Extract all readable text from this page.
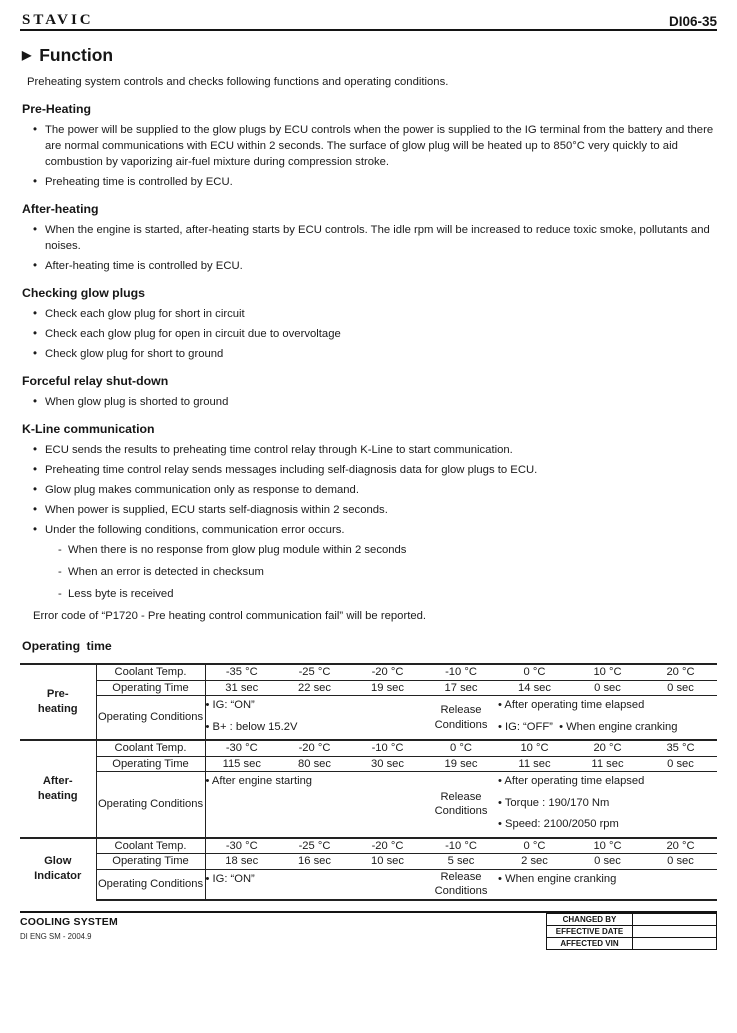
STAVIC	DI06-35
▶ Function

Preheating system controls and checks following functions and operating conditions.

Pre-Heating
• The power will be supplied to the glow plugs by ECU controls when the power is supplied to the IG terminal from the battery and there are normal communications with ECU within 2 seconds. The surface of glow plug will be heated up to 850°C very quickly to aid combustion by vaporizing air-fuel mixture during compression stroke.
• Preheating time is controlled by ECU.
After-heating
• When the engine is started, after-heating starts by ECU controls. The idle rpm will be increased to reduce toxic smoke, pollutants and noises.
• After-heating time is controlled by ECU.
Checking glow plugs
• Check each glow plug for short in circuit
• Check each glow plug for open in circuit due to overvoltage
• Check glow plug for short to ground
Forceful relay shut-down
• When glow plug is shorted to ground
K-Line communication
• ECU sends the results to preheating time control relay through K-Line to start communication.
• Preheating time control relay sends messages including self-diagnosis data for glow plugs to ECU.
• Glow plug makes communication only as response to demand.
• When power is supplied, ECU starts self-diagnosis within 2 seconds.
• Under the following conditions, communication error occurs.
- When there is no response from glow plug module within 2 seconds
- When an error is detected in checksum
- Less byte is received

Error code of “P1720 - Pre heating control communication fail” will be reported.

Operating time
Pre-
heating	Coolant Temp.	-35 °C	-25 °C	-20 °C	-10 °C	0 °C	10 °C	20 °C
	Operating Time	31 sec	22 sec	19 sec	17 sec	14 sec	0 sec	0 sec
	Operating Conditions	• IG: “ON”
• B+ : below 15.2V			Release Conditions	• After operating time elapsed
• IG: “OFF”  • When engine cranking		

After-
heating	Coolant Temp.	-30 °C	-20 °C	-10 °C	0 °C	10 °C	20 °C	35 °C
	Operating Time	115 sec	80 sec	30 sec	19 sec	11 sec	11 sec	0 sec
	Operating Conditions	• After engine starting			Release Conditions	• After operating time elapsed
• Torque : 190/170 Nm
• Speed: 2100/2050 rpm		

Glow
Indicator	Coolant Temp.	-30 °C	-25 °C	-20 °C	-10 °C	0 °C	10 °C	20 °C
	Operating Time	18 sec	16 sec	10 sec	5 sec	2 sec	0 sec	0 sec
	Operating Conditions	• IG: “ON”			Release Conditions	• When engine cranking		
COOLING SYSTEM
DI ENG SM - 2004.9
CHANGED BY	
EFFECTIVE DATE	
AFFECTED VIN	
